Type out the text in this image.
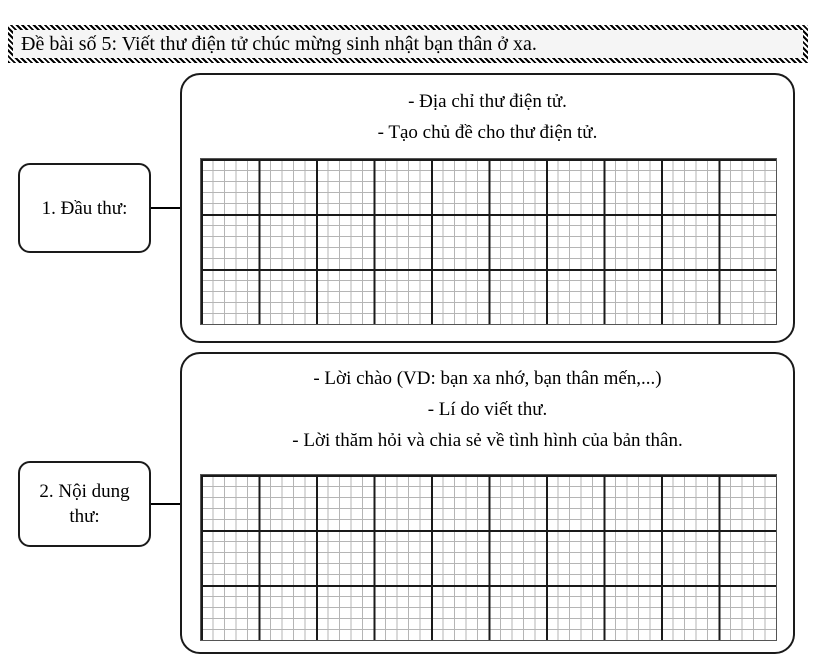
Đề bài số 5: Viết thư điện tử chúc mừng sinh nhật bạn thân ở xa.
1. Đầu thư:
- Địa chỉ thư điện tử.
- Tạo chủ đề cho thư điện tử.
2. Nội dung thư:
- Lời chào (VD: bạn xa nhớ, bạn thân mến,...)
- Lí do viết thư.
- Lời thăm hỏi và chia sẻ về tình hình của bản thân.
